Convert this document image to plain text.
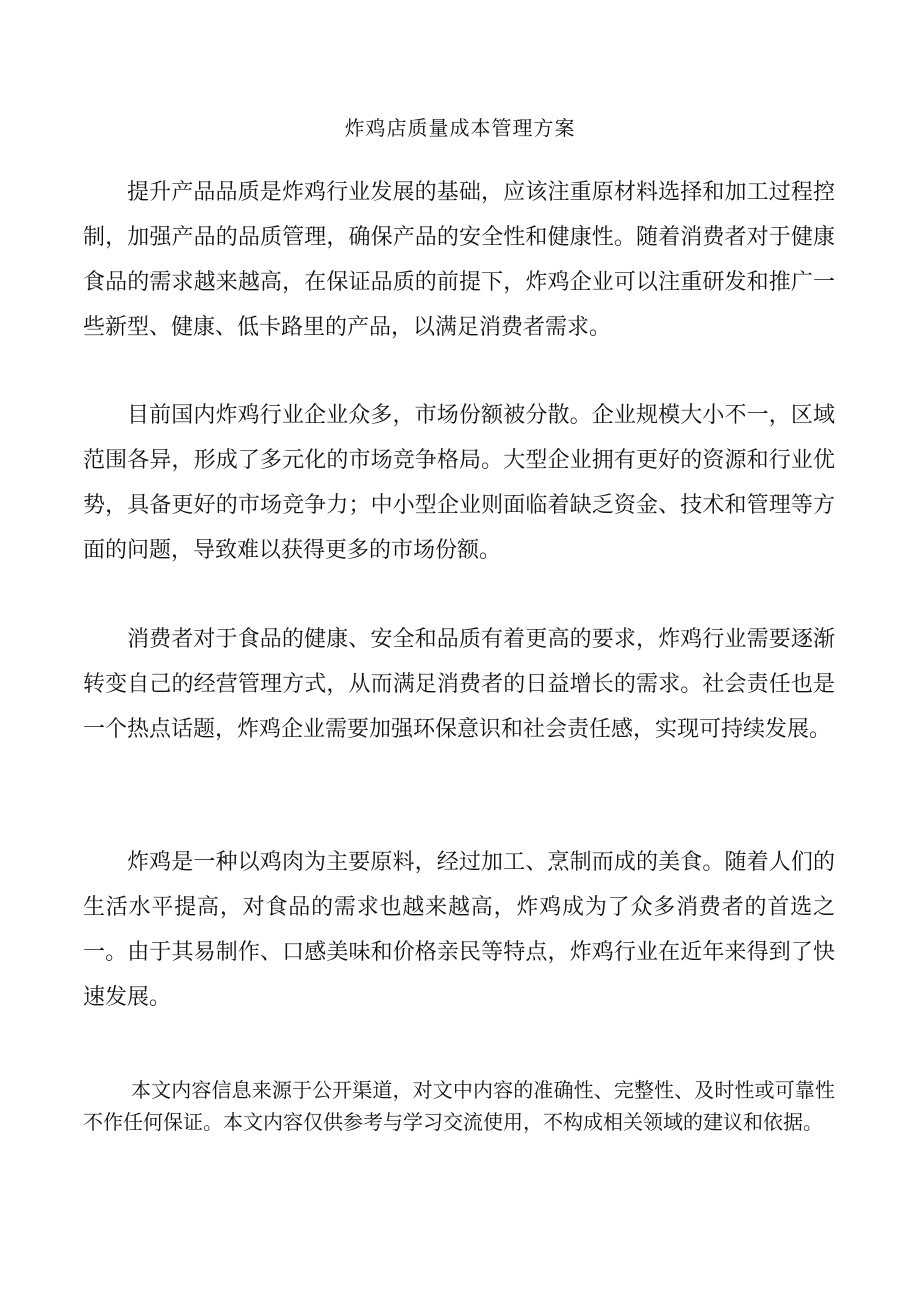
炸鸡店质量成本管理方案

提升产品品质是炸鸡行业发展的基础，应该注重原材料选择和加工过程控制，加强产品的品质管理，确保产品的安全性和健康性。随着消费者对于健康食品的需求越来越高，在保证品质的前提下，炸鸡企业可以注重研发和推广一些新型、健康、低卡路里的产品，以满足消费者需求。

目前国内炸鸡行业企业众多，市场份额被分散。企业规模大小不一，区域范围各异，形成了多元化的市场竞争格局。大型企业拥有更好的资源和行业优势，具备更好的市场竞争力；中小型企业则面临着缺乏资金、技术和管理等方面的问题，导致难以获得更多的市场份额。

消费者对于食品的健康、安全和品质有着更高的要求，炸鸡行业需要逐渐转变自己的经营管理方式，从而满足消费者的日益增长的需求。社会责任也是一个热点话题，炸鸡企业需要加强环保意识和社会责任感，实现可持续发展。

炸鸡是一种以鸡肉为主要原料，经过加工、烹制而成的美食。随着人们的生活水平提高，对食品的需求也越来越高，炸鸡成为了众多消费者的首选之一。由于其易制作、口感美味和价格亲民等特点，炸鸡行业在近年来得到了快速发展。

本文内容信息来源于公开渠道，对文中内容的准确性、完整性、及时性或可靠性不作任何保证。本文内容仅供参考与学习交流使用，不构成相关领域的建议和依据。
